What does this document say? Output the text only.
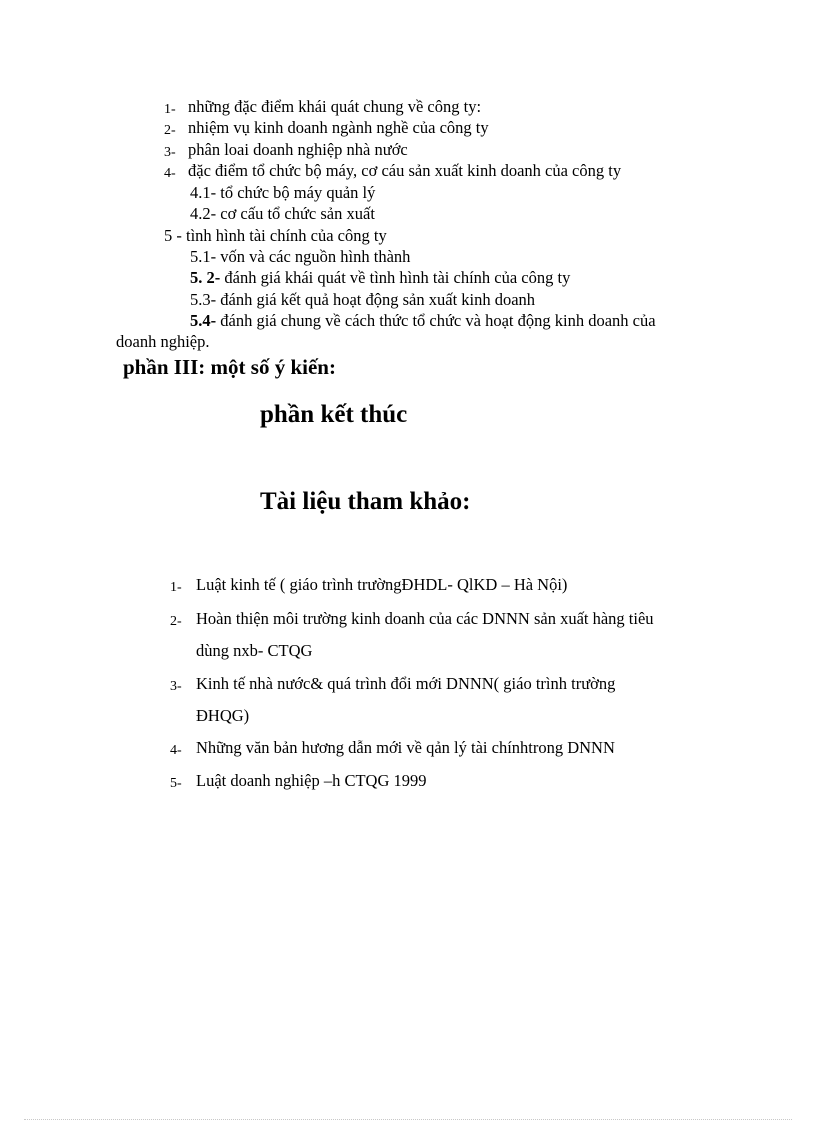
1- những đặc điểm khái quát chung về công ty:
2- nhiệm vụ kinh doanh ngành nghề của công ty
3- phân loai doanh nghiệp nhà nước
4- đặc điểm tổ chức bộ máy, cơ cáu sản xuất kinh doanh của công ty
4.1- tổ chức bộ máy quản lý
4.2- cơ cấu tổ chức sản xuất
5 - tình hình tài chính của công ty
5.1- vốn và các nguồn hình thành
5. 2- đánh giá khái quát về tình hình tài chính của công ty
5.3- đánh giá kết quả hoạt động sản xuất kinh doanh
5.4- đánh giá chung về cách thức tổ chức và hoạt động kinh doanh của
doanh nghiệp.
phần III: một số ý kiến:
phần kết thúc
Tài liệu tham khảo:
1- Luật kinh tế ( giáo trình trườngĐHDL- QlKD – Hà Nội)
2- Hoàn thiện môi trường kinh doanh của các DNNN sản xuất hàng tiêu
dùng nxb- CTQG
3- Kinh tế nhà nước& quá trình đổi mới DNNN( giáo trình trường
ĐHQG)
4- Những văn bản hương dẫn mới về qản lý tài chínhtrong DNNN
5- Luật doanh nghiệp –h CTQG 1999
